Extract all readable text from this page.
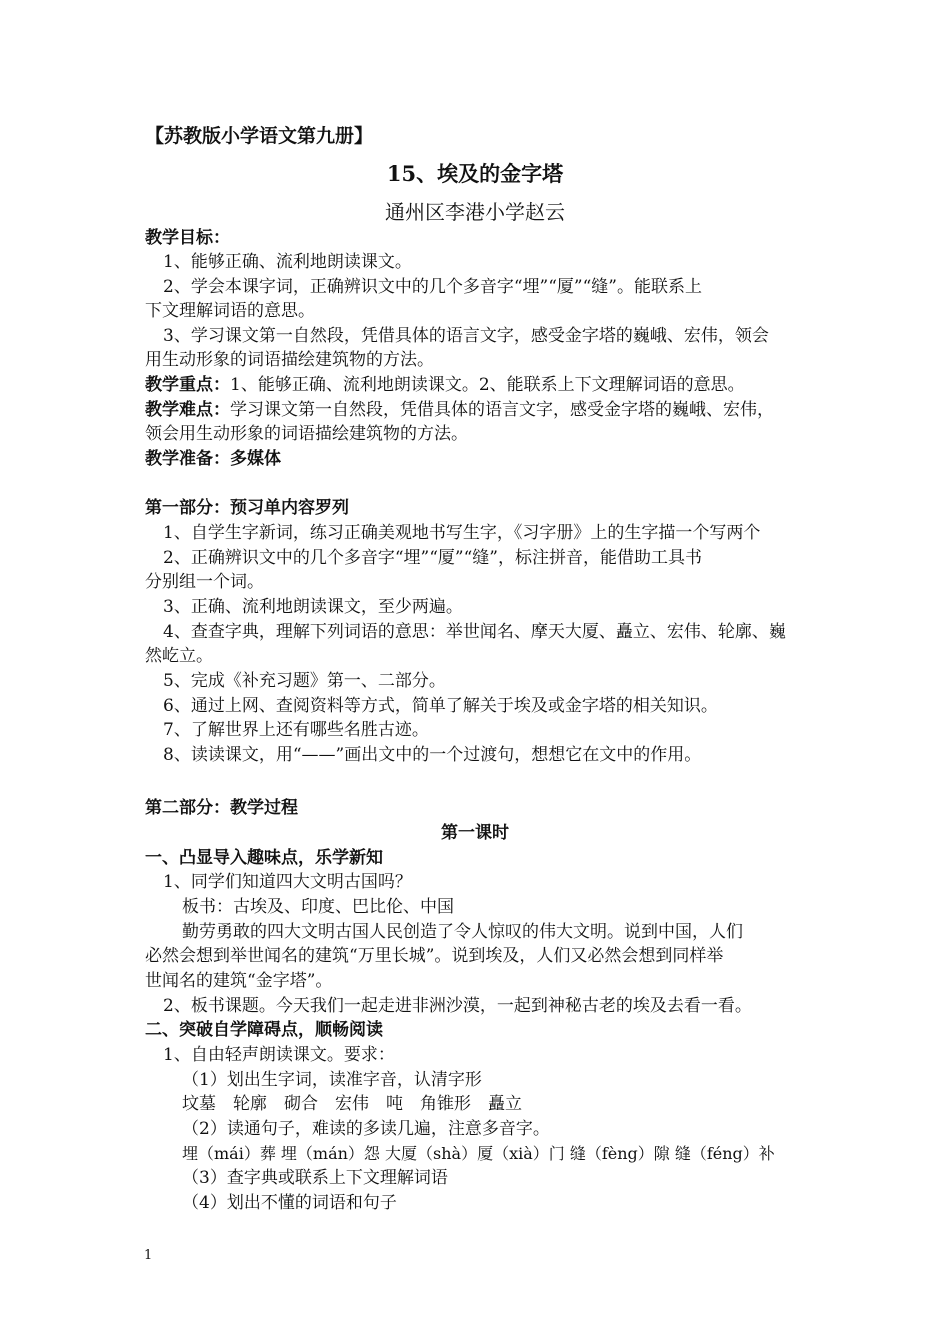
【苏教版小学语文第九册】
15、埃及的金字塔
通州区李港小学赵云
教学目标：
1、能够正确、流利地朗读课文。
2、学会本课字词，正确辨识文中的几个多音字“埋”“厦”“缝”。能联系上
下文理解词语的意思。
3、学习课文第一自然段，凭借具体的语言文字，感受金字塔的巍峨、宏伟，领会
用生动形象的词语描绘建筑物的方法。
教学重点：1、能够正确、流利地朗读课文。2、能联系上下文理解词语的意思。
教学难点：学习课文第一自然段，凭借具体的语言文字，感受金字塔的巍峨、宏伟，
领会用生动形象的词语描绘建筑物的方法。
教学准备：多媒体
第一部分：预习单内容罗列
1、自学生字新词，练习正确美观地书写生字，《习字册》上的生字描一个写两个
2、正确辨识文中的几个多音字“埋”“厦”“缝”，标注拼音，能借助工具书
分别组一个词。
3、正确、流利地朗读课文，至少两遍。
4、查查字典，理解下列词语的意思：举世闻名、摩天大厦、矗立、宏伟、轮廓、巍
然屹立。
5、完成《补充习题》第一、二部分。
6、通过上网、查阅资料等方式，简单了解关于埃及或金字塔的相关知识。
7、了解世界上还有哪些名胜古迹。
8、读读课文，用“——”画出文中的一个过渡句，想想它在文中的作用。
第二部分：教学过程
第一课时
一、凸显导入趣味点，乐学新知
1、同学们知道四大文明古国吗？
板书：古埃及、印度、巴比伦、中国
勤劳勇敢的四大文明古国人民创造了令人惊叹的伟大文明。说到中国，人们
必然会想到举世闻名的建筑“万里长城”。说到埃及，人们又必然会想到同样举
世闻名的建筑“金字塔”。
2、板书课题。今天我们一起走进非洲沙漠，一起到神秘古老的埃及去看一看。
二、突破自学障碍点，顺畅阅读
1、自由轻声朗读课文。要求：
（1）划出生字词，读准字音，认清字形
坟墓　轮廓　砌合　宏伟　吨　角锥形　矗立
（2）读通句子，难读的多读几遍，注意多音字。
埋（mái）葬 埋（mán）怨 大厦（shà）厦（xià）门 缝（fèng）隙 缝（féng）补
（3）查字典或联系上下文理解词语
（4）划出不懂的词语和句子
1
